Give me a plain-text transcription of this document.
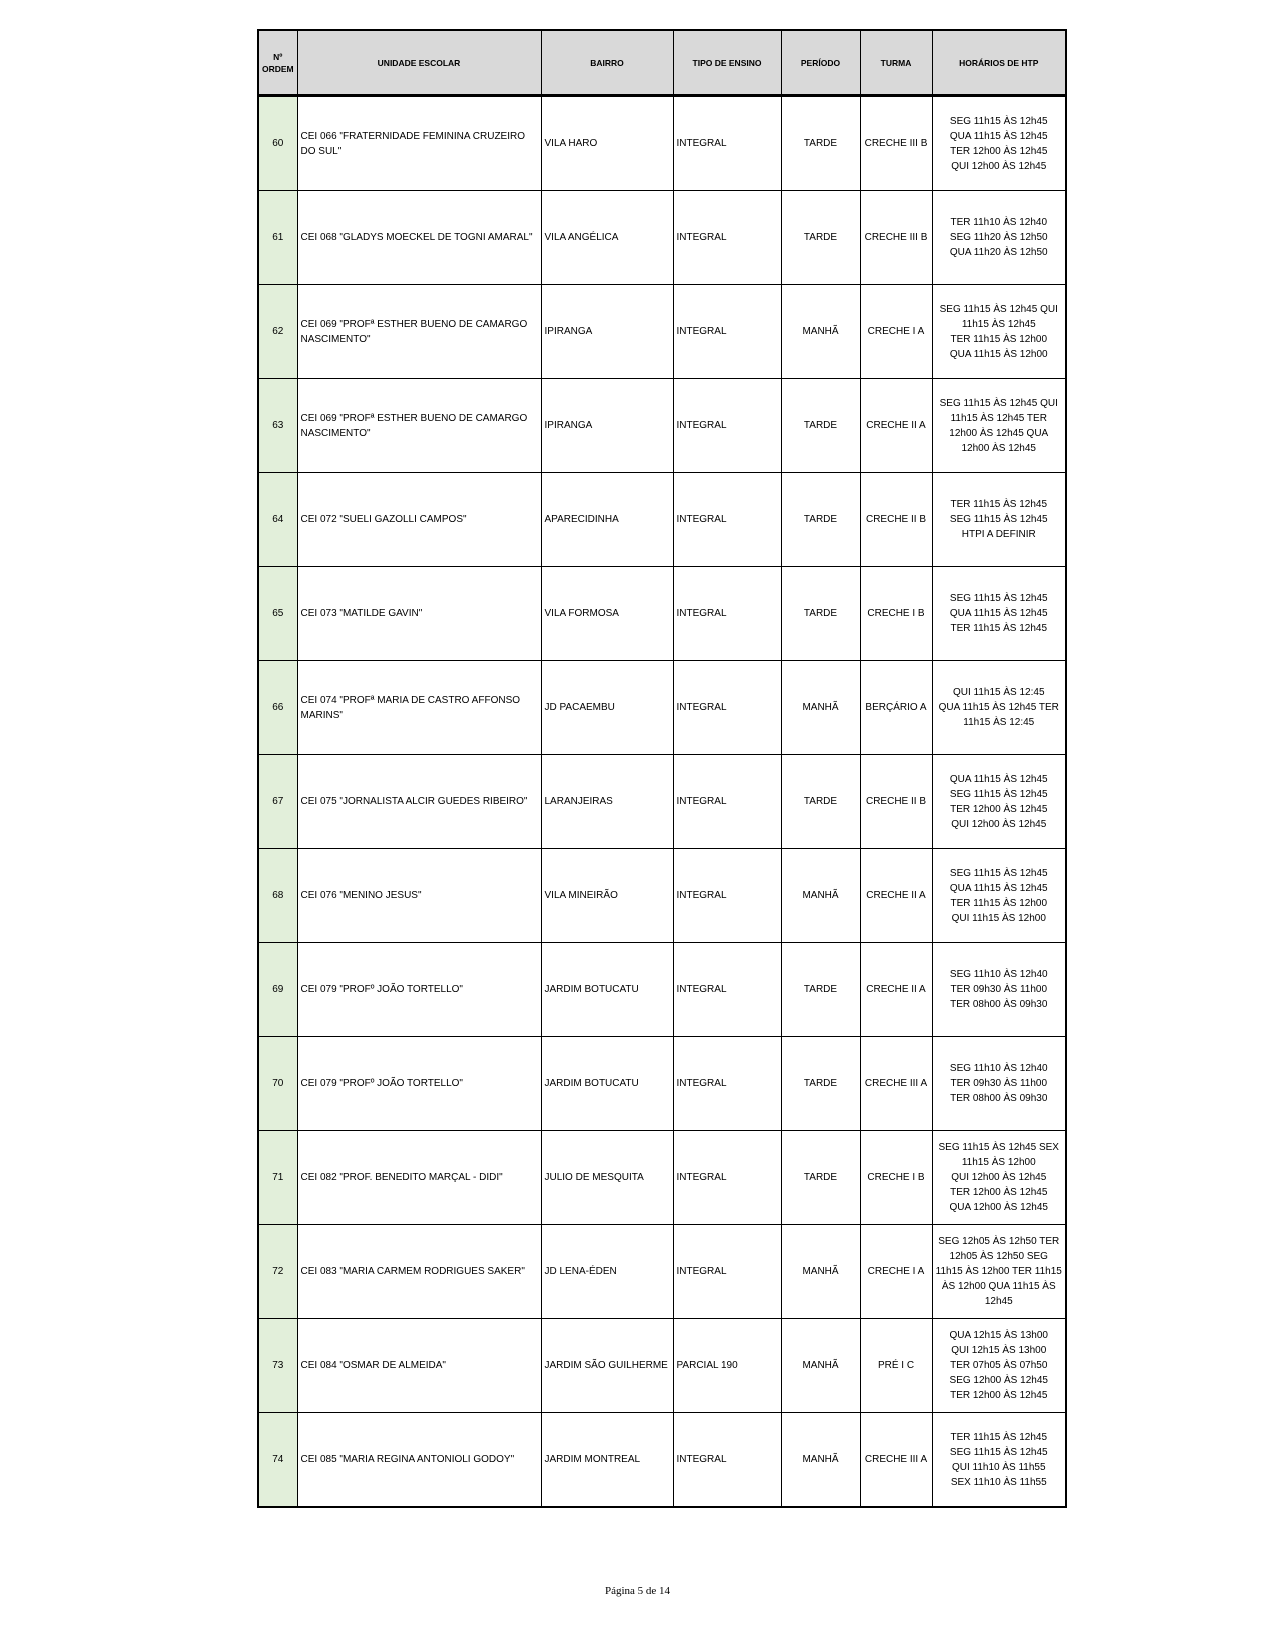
Nº ORDEM	UNIDADE ESCOLAR	BAIRRO	TIPO DE ENSINO	PERÍODO	TURMA	HORÁRIOS DE HTP
60	CEI 066 "FRATERNIDADE FEMININA CRUZEIRO DO SUL"	VILA HARO	INTEGRAL	TARDE	CRECHE III B	SEG 11h15 ÀS 12h45
QUA 11h15 ÀS 12h45
TER 12h00 ÀS 12h45
QUI 12h00 ÀS 12h45
61	CEI 068 "GLADYS MOECKEL DE TOGNI AMARAL"	VILA ANGÉLICA	INTEGRAL	TARDE	CRECHE III B	TER 11h10 ÀS 12h40
SEG 11h20 ÀS 12h50
QUA 11h20 ÀS 12h50
62	CEI 069 "PROFª ESTHER BUENO DE CAMARGO NASCIMENTO"	IPIRANGA	INTEGRAL	MANHÃ	CRECHE I A	SEG 11h15 ÀS 12h45 QUI 11h15 ÀS 12h45
TER 11h15 ÀS 12h00
QUA 11h15 ÀS 12h00
63	CEI 069 "PROFª ESTHER BUENO DE CAMARGO NASCIMENTO"	IPIRANGA	INTEGRAL	TARDE	CRECHE II A	SEG 11h15 ÀS 12h45 QUI 11h15 ÀS 12h45 TER 12h00 ÀS 12h45 QUA 12h00 ÀS 12h45
64	CEI 072 "SUELI GAZOLLI CAMPOS"	APARECIDINHA	INTEGRAL	TARDE	CRECHE II B	TER 11h15 ÀS 12h45
SEG 11h15 ÀS 12h45
HTPI A DEFINIR
65	CEI 073 "MATILDE GAVIN"	VILA FORMOSA	INTEGRAL	TARDE	CRECHE I B	SEG 11h15 ÀS 12h45
QUA 11h15 ÀS 12h45
TER 11h15 ÀS 12h45
66	CEI 074 "PROFª MARIA DE CASTRO AFFONSO MARINS"	JD PACAEMBU	INTEGRAL	MANHÃ	BERÇÁRIO A	QUI 11h15 ÀS 12:45
QUA 11h15 ÀS 12h45 TER 11h15 ÀS 12:45
67	CEI 075 "JORNALISTA ALCIR GUEDES RIBEIRO"	LARANJEIRAS	INTEGRAL	TARDE	CRECHE II B	QUA 11h15 ÀS 12h45
SEG 11h15 ÀS 12h45
TER 12h00 ÀS 12h45
QUI 12h00 ÀS 12h45
68	CEI 076 "MENINO JESUS"	VILA MINEIRÃO	INTEGRAL	MANHÃ	CRECHE II A	SEG 11h15 ÀS 12h45
QUA 11h15 ÀS 12h45
TER 11h15 ÀS 12h00
QUI 11h15 ÀS 12h00
69	CEI 079 "PROFº JOÃO TORTELLO"	JARDIM BOTUCATU	INTEGRAL	TARDE	CRECHE II A	SEG 11h10 ÀS 12h40
TER 09h30 ÀS 11h00
TER 08h00 ÀS 09h30
70	CEI 079 "PROFº JOÃO TORTELLO"	JARDIM BOTUCATU	INTEGRAL	TARDE	CRECHE III A	SEG 11h10 ÀS 12h40
TER 09h30 ÀS 11h00
TER 08h00 ÀS 09h30
71	CEI 082 "PROF. BENEDITO MARÇAL - DIDI"	JULIO DE MESQUITA	INTEGRAL	TARDE	CRECHE I B	SEG 11h15 ÀS 12h45 SEX 11h15 ÀS 12h00
QUI 12h00 ÀS 12h45
TER 12h00 ÀS 12h45
QUA 12h00 ÀS 12h45
72	CEI 083 "MARIA CARMEM RODRIGUES SAKER"	JD LENA-ÉDEN	INTEGRAL	MANHÃ	CRECHE I A	SEG 12h05 ÀS 12h50 TER 12h05 ÀS 12h50 SEG 11h15 ÀS 12h00 TER 11h15 ÀS 12h00 QUA 11h15 ÀS 12h45
73	CEI 084 "OSMAR DE ALMEIDA"	JARDIM SÃO GUILHERME	PARCIAL 190	MANHÃ	PRÉ I C	QUA 12h15 ÀS 13h00
QUI 12h15 ÀS 13h00
TER 07h05 ÀS 07h50
SEG 12h00 ÀS 12h45
TER 12h00 ÀS 12h45
74	CEI 085 "MARIA REGINA ANTONIOLI GODOY"	JARDIM MONTREAL	INTEGRAL	MANHÃ	CRECHE III A	TER 11h15 ÀS 12h45
SEG 11h15 ÀS 12h45
QUI 11h10 ÀS 11h55
SEX 11h10 ÀS 11h55
Página 5 de 14
